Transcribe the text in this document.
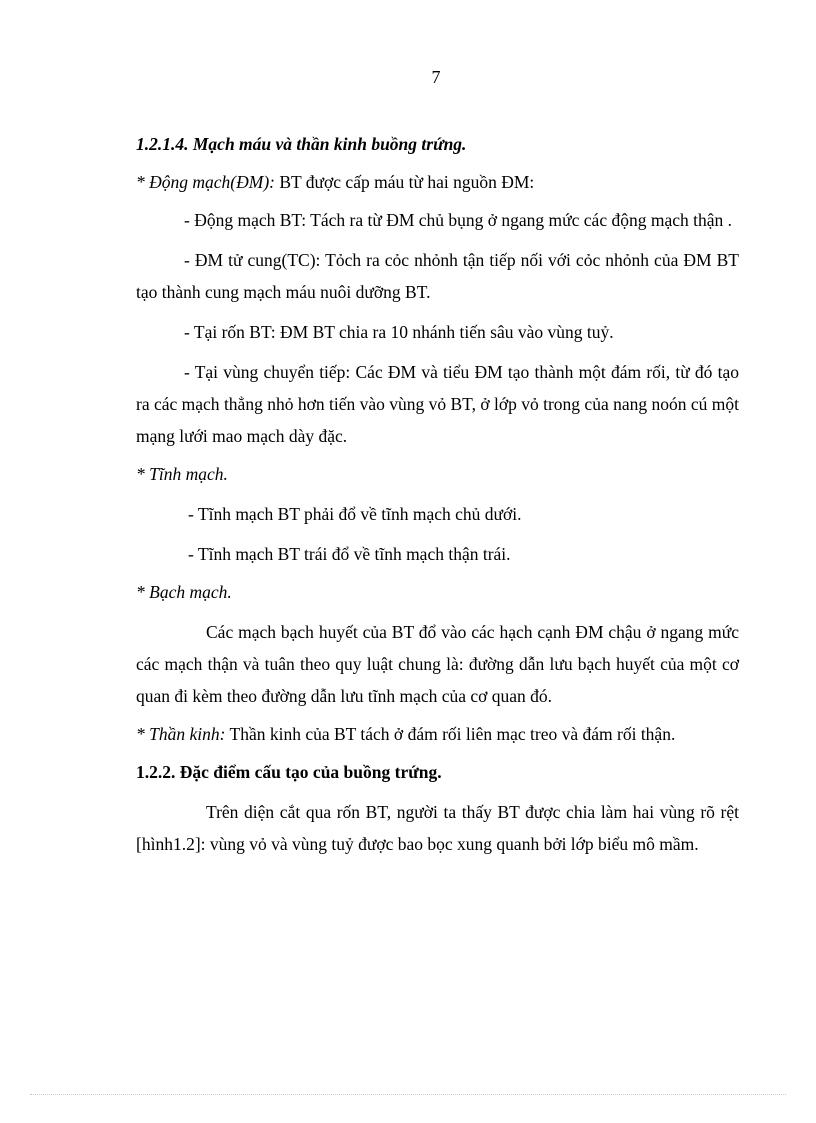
7

1.2.1.4. Mạch máu và thần kinh buồng trứng.

* Động mạch(ĐM): BT được cấp máu từ hai nguồn ĐM:

- Động mạch BT: Tách ra từ ĐM chủ bụng ở ngang mức các động mạch thận .

- ĐM tử cung(TC): Tỏch ra cỏc nhỏnh tận tiếp nối với cỏc nhỏnh của ĐM BT tạo thành cung mạch máu nuôi dưỡng BT.

- Tại rốn BT: ĐM BT chia ra 10 nhánh tiến sâu vào vùng tuỷ.

- Tại vùng chuyển tiếp: Các ĐM và tiểu ĐM tạo thành một đám rối, từ đó tạo ra các mạch thẳng nhỏ hơn tiến vào vùng vỏ BT, ở lớp vỏ trong của nang noón cú một mạng lưới mao mạch dày đặc.

* Tĩnh mạch.

- Tĩnh mạch BT phải đổ về tĩnh mạch chủ dưới.

- Tĩnh mạch BT trái đổ về tĩnh mạch thận trái.

* Bạch mạch.

Các mạch bạch huyết của BT đổ vào các hạch cạnh ĐM chậu ở ngang mức các mạch thận và tuân theo quy luật chung là: đường dẫn lưu bạch huyết của một cơ quan đi kèm theo đường dẫn lưu tĩnh mạch của cơ quan đó.

* Thần kinh: Thần kinh của BT tách ở đám rối liên mạc treo và đám rối thận.

1.2.2. Đặc điểm cấu tạo của buồng trứng.

Trên diện cắt qua rốn BT, người ta thấy BT được chia làm hai vùng rõ rệt [hình1.2]: vùng vỏ và vùng tuỷ được bao bọc xung quanh bởi lớp biểu mô mầm.
